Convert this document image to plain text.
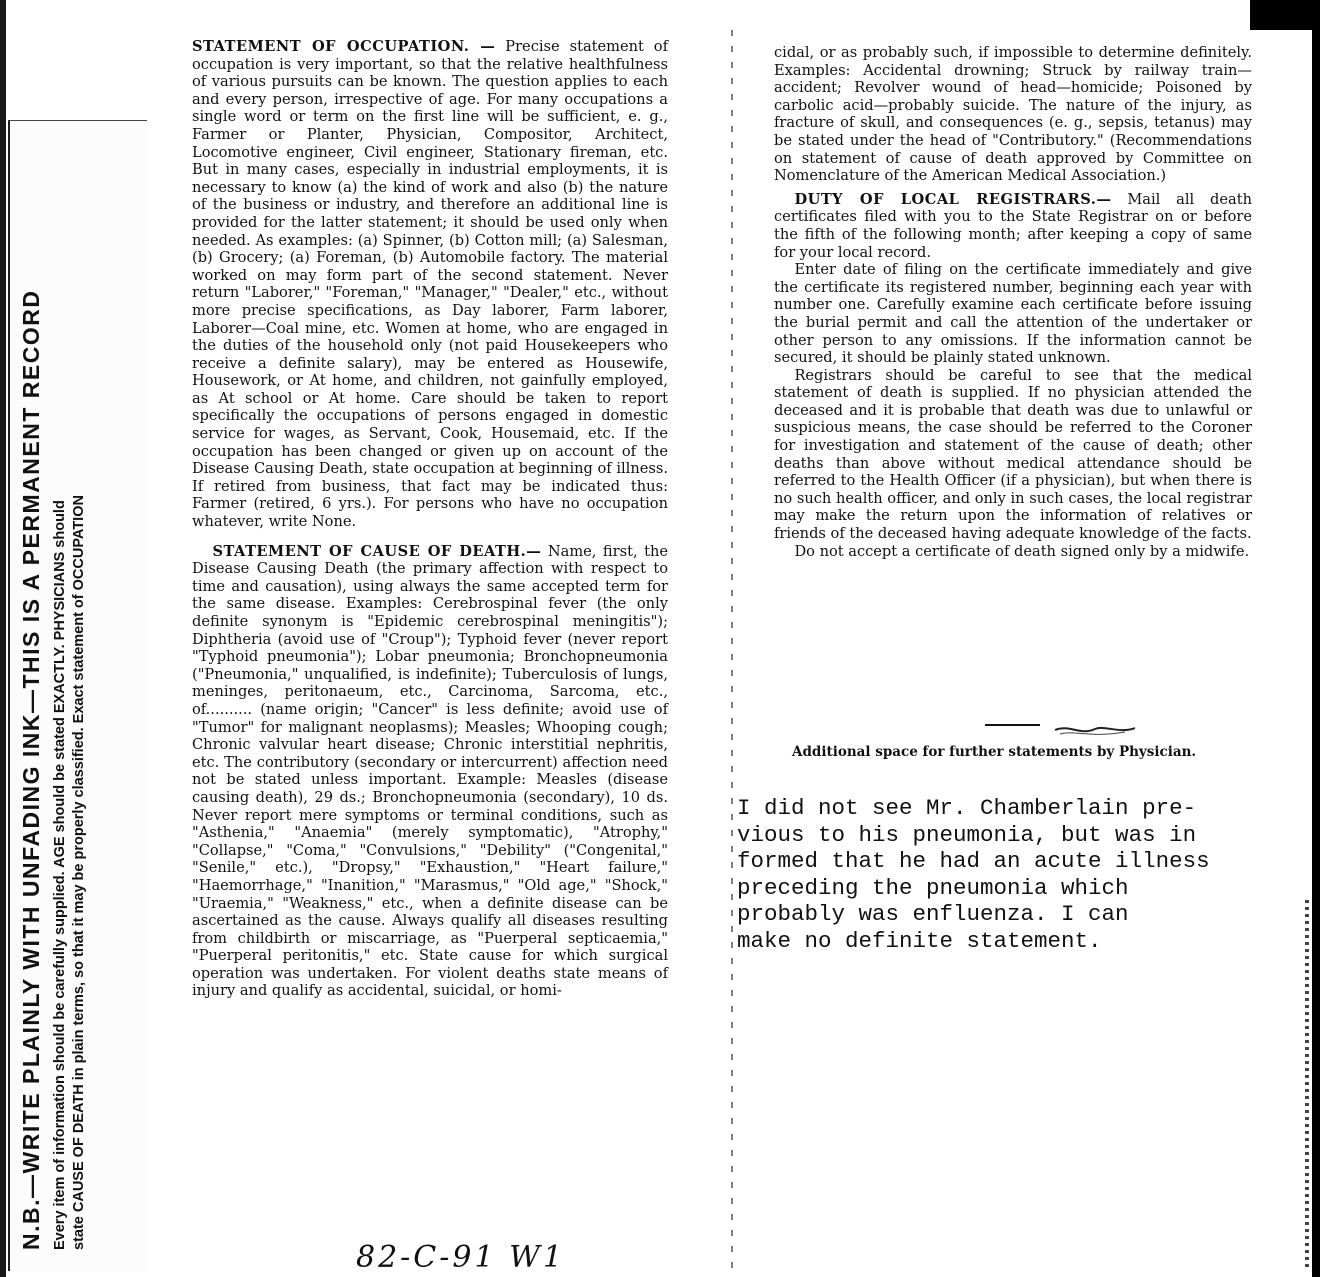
N.B.—WRITE PLAINLY WITH UNFADING INK—THIS IS A PERMANENT RECORD Every item of information should be carefully supplied. AGE should be stated EXACTLY. PHYSICIANS should state CAUSE OF DEATH in plain terms, so that it may be properly classified. Exact statement of OCCUPATION

STATEMENT OF OCCUPATION. — Precise statement of occupation is very important, so that the relative healthfulness of various pursuits can be known. The question applies to each and every person, irrespective of age. For many occupations a single word or term on the first line will be sufficient, e. g., Farmer or Planter, Physician, Compositor, Architect, Locomotive engineer, Civil engineer, Stationary fireman, etc. But in many cases, especially in industrial employments, it is necessary to know (a) the kind of work and also (b) the nature of the business or industry, and therefore an additional line is provided for the latter statement; it should be used only when needed. As examples: (a) Spinner, (b) Cotton mill; (a) Salesman, (b) Grocery; (a) Foreman, (b) Automobile factory. The material worked on may form part of the second statement. Never return "Laborer," "Foreman," "Manager," "Dealer," etc., without more precise specifications, as Day laborer, Farm laborer, Laborer—Coal mine, etc. Women at home, who are engaged in the duties of the household only (not paid Housekeepers who receive a definite salary), may be entered as Housewife, Housework, or At home, and children, not gainfully employed, as At school or At home. Care should be taken to report specifically the occupations of persons engaged in domestic service for wages, as Servant, Cook, Housemaid, etc. If the occupation has been changed or given up on account of the Disease Causing Death, state occupation at beginning of illness. If retired from business, that fact may be indicated thus: Farmer (retired, 6 yrs.). For persons who have no occupation whatever, write None.

STATEMENT OF CAUSE OF DEATH.— Name, first, the Disease Causing Death (the primary affection with respect to time and causation), using always the same accepted term for the same disease. Examples: Cerebrospinal fever (the only definite synonym is "Epidemic cerebrospinal meningitis"); Diphtheria (avoid use of "Croup"); Typhoid fever (never report "Typhoid pneumonia"); Lobar pneumonia; Bronchopneumonia ("Pneumonia," unqualified, is indefinite); Tuberculosis of lungs, meninges, peritonaeum, etc., Carcinoma, Sarcoma, etc., of.......... (name origin; "Cancer" is less definite; avoid use of "Tumor" for malignant neoplasms); Measles; Whooping cough; Chronic valvular heart disease; Chronic interstitial nephritis, etc. The contributory (secondary or intercurrent) affection need not be stated unless important. Example: Measles (disease causing death), 29 ds.; Bronchopneumonia (secondary), 10 ds. Never report mere symptoms or terminal conditions, such as "Asthenia," "Anaemia" (merely symptomatic), "Atrophy," "Collapse," "Coma," "Convulsions," "Debility" ("Congenital," "Senile," etc.), "Dropsy," "Exhaustion," "Heart failure," "Haemorrhage," "Inanition," "Marasmus," "Old age," "Shock," "Uraemia," "Weakness," etc., when a definite disease can be ascertained as the cause. Always qualify all diseases resulting from childbirth or miscarriage, as "Puerperal septicaemia," "Puerperal peritonitis," etc. State cause for which surgical operation was undertaken. For violent deaths state means of injury and qualify as accidental, suicidal, or homi-

cidal, or as probably such, if impossible to determine definitely. Examples: Accidental drowning; Struck by railway train—accident; Revolver wound of head—homicide; Poisoned by carbolic acid—probably suicide. The nature of the injury, as fracture of skull, and consequences (e. g., sepsis, tetanus) may be stated under the head of "Contributory." (Recommendations on statement of cause of death approved by Committee on Nomenclature of the American Medical Association.)

DUTY OF LOCAL REGISTRARS.— Mail all death certificates filed with you to the State Registrar on or before the fifth of the following month; after keeping a copy of same for your local record.

Enter date of filing on the certificate immediately and give the certificate its registered number, beginning each year with number one. Carefully examine each certificate before issuing the burial permit and call the attention of the undertaker or other person to any omissions. If the information cannot be secured, it should be plainly stated unknown.

Registrars should be careful to see that the medical statement of death is supplied. If no physician attended the deceased and it is probable that death was due to unlawful or suspicious means, the case should be referred to the Coroner for investigation and statement of the cause of death; other deaths than above without medical attendance should be referred to the Health Officer (if a physician), but when there is no such health officer, and only in such cases, the local registrar may make the return upon the information of relatives or friends of the deceased having adequate knowledge of the facts.

Do not accept a certificate of death signed only by a midwife.

Additional space for further statements by Physician.
I did not see Mr. Chamberlain pre-
vious to his pneumonia, but was in
formed that he had an acute illness
preceding the pneumonia which
probably was enfluenza. I can
make no definite statement.
82-C-91 W1
